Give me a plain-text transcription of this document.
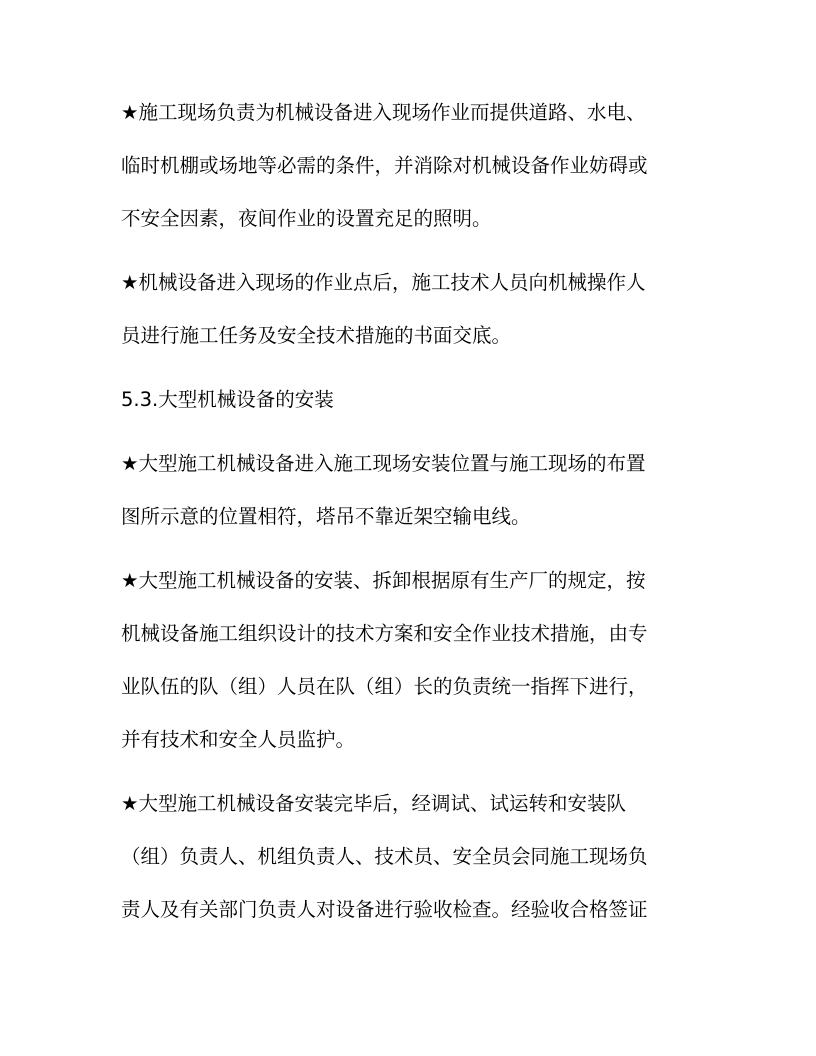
★施工现场负责为机械设备进入现场作业而提供道路、水电、
临时机棚或场地等必需的条件，并消除对机械设备作业妨碍或
不安全因素，夜间作业的设置充足的照明。
★机械设备进入现场的作业点后，施工技术人员向机械操作人
员进行施工任务及安全技术措施的书面交底。
5.3.大型机械设备的安装
★大型施工机械设备进入施工现场安装位置与施工现场的布置
图所示意的位置相符，塔吊不靠近架空输电线。
★大型施工机械设备的安装、拆卸根据原有生产厂的规定，按
机械设备施工组织设计的技术方案和安全作业技术措施，由专
业队伍的队（组）人员在队（组）长的负责统一指挥下进行，
并有技术和安全人员监护。
★大型施工机械设备安装完毕后，经调试、试运转和安装队
（组）负责人、机组负责人、技术员、安全员会同施工现场负
责人及有关部门负责人对设备进行验收检查。经验收合格签证
